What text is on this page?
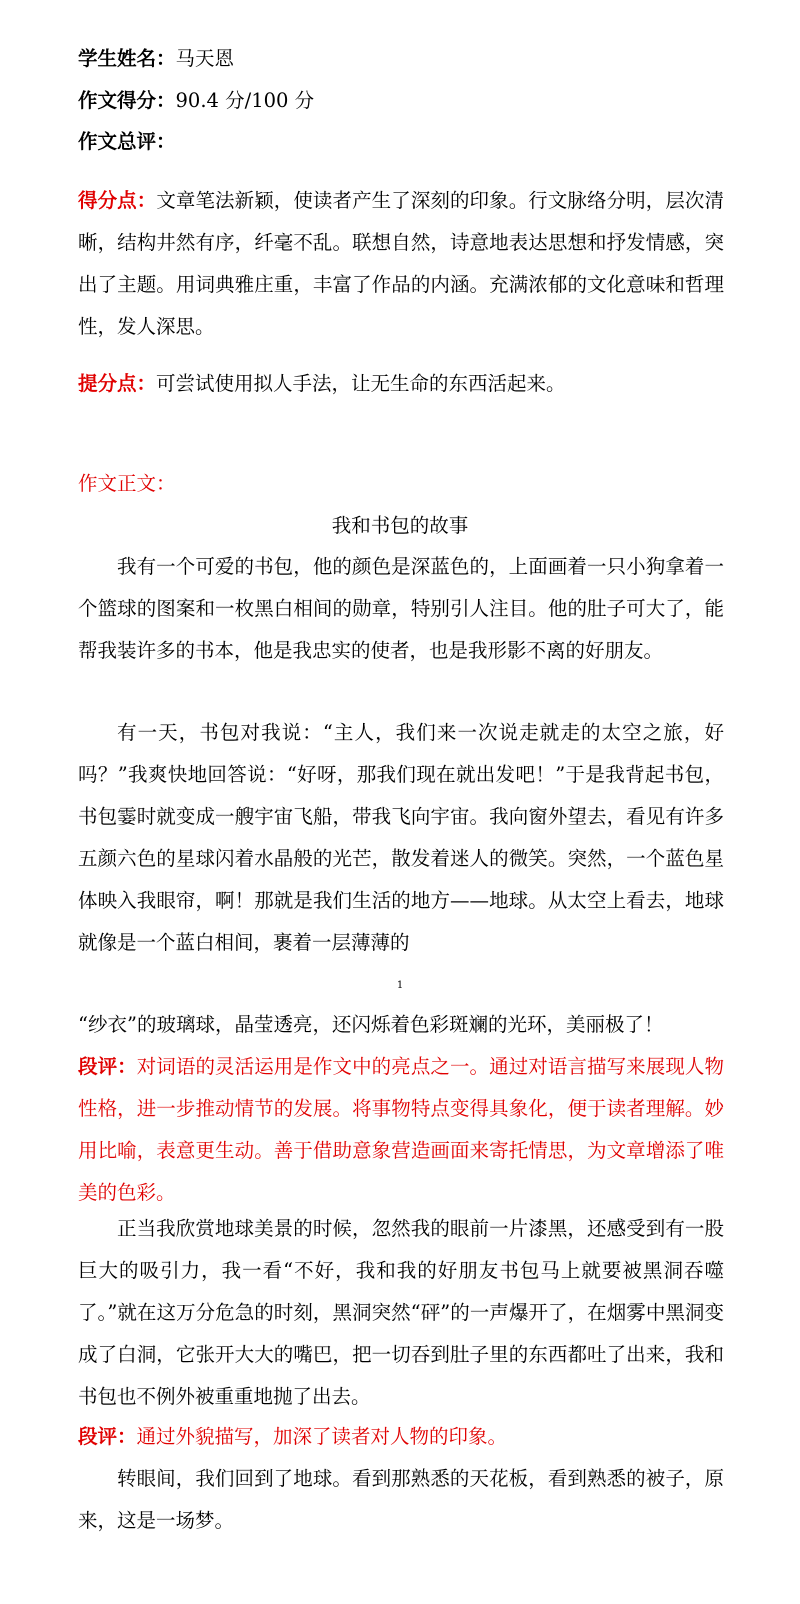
学生姓名：马天恩
作文得分：90.4 分/100 分
作文总评：
得分点：文章笔法新颖，使读者产生了深刻的印象。行文脉络分明，层次清晰，结构井然有序，纤毫不乱。联想自然，诗意地表达思想和抒发情感，突出了主题。用词典雅庄重，丰富了作品的内涵。充满浓郁的文化意味和哲理性，发人深思。
提分点：可尝试使用拟人手法，让无生命的东西活起来。
作文正文：
我和书包的故事
我有一个可爱的书包，他的颜色是深蓝色的，上面画着一只小狗拿着一个篮球的图案和一枚黑白相间的勋章，特别引人注目。他的肚子可大了，能帮我装许多的书本，他是我忠实的使者，也是我形影不离的好朋友。
有一天，书包对我说：“主人，我们来一次说走就走的太空之旅，好吗？”我爽快地回答说：“好呀，那我们现在就出发吧！”于是我背起书包，书包霎时就变成一艘宇宙飞船，带我飞向宇宙。我向窗外望去，看见有许多五颜六色的星球闪着水晶般的光芒，散发着迷人的微笑。突然，一个蓝色星体映入我眼帘，啊！那就是我们生活的地方——地球。从太空上看去，地球就像是一个蓝白相间，裹着一层薄薄的
1
“纱衣”的玻璃球，晶莹透亮，还闪烁着色彩斑斓的光环，美丽极了！
段评：对词语的灵活运用是作文中的亮点之一。通过对语言描写来展现人物性格，进一步推动情节的发展。将事物特点变得具象化，便于读者理解。妙用比喻，表意更生动。善于借助意象营造画面来寄托情思，为文章增添了唯美的色彩。
正当我欣赏地球美景的时候，忽然我的眼前一片漆黑，还感受到有一股巨大的吸引力，我一看“不好，我和我的好朋友书包马上就要被黑洞吞噬了。”就在这万分危急的时刻，黑洞突然“砰”的一声爆开了，在烟雾中黑洞变成了白洞，它张开大大的嘴巴，把一切吞到肚子里的东西都吐了出来，我和书包也不例外被重重地抛了出去。
段评：通过外貌描写，加深了读者对人物的印象。
转眼间，我们回到了地球。看到那熟悉的天花板，看到熟悉的被子，原来，这是一场梦。
